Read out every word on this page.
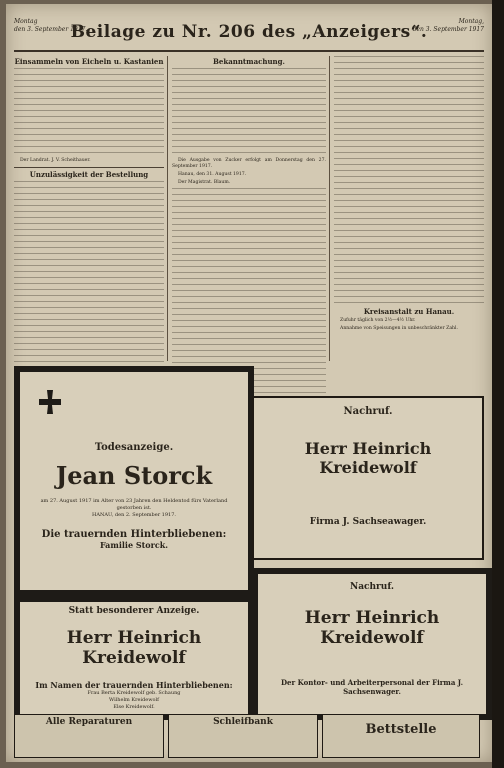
Montag
den 3. September 1917.
Beilage zu Nr. 206 des „Anzeigers“.
Montag,
den 3. September 1917
Einsammeln von Eicheln u. Kastanien

Der Landrat. J. V. Scheithauer.

Unzulässigkeit der Bestellung

Bekanntmachung.

Die Ausgabe von Zucker erfolgt am Donnerstag den 27. September 1917.

Hanau, den 31. August 1917.

Der Magistrat. Blaum.

Kreisanstalt zu Hanau.

Zufuhr täglich von 2½—4½ Uhr.

Annahme von Speisungen in unbeschränkter Zahl.

Todesanzeige.
Jean Storck
am 27. August 1917 im Alter von 23 Jahren den Heldentod fürs Vaterland gestorben ist.
HANAU, den 2. September 1917.
Die trauernden Hinterbliebenen:
Familie Storck.
Nachruf.
Herr Heinrich Kreidewolf
Firma J. Sachseawager.
Statt besonderer Anzeige.
Herr Heinrich Kreidewolf
Im Namen der trauernden Hinterbliebenen:
Frau Berta Kreidewolf geb. Schaung
Wilhelm Kreidewolf
Else Kreidewolf.
Nachruf.
Herr Heinrich Kreidewolf
Der Kontor- und Arbeiterpersonal der Firma J. Sachsenwager.
Alle Reparaturen	Schleifbank	Bettstelle
